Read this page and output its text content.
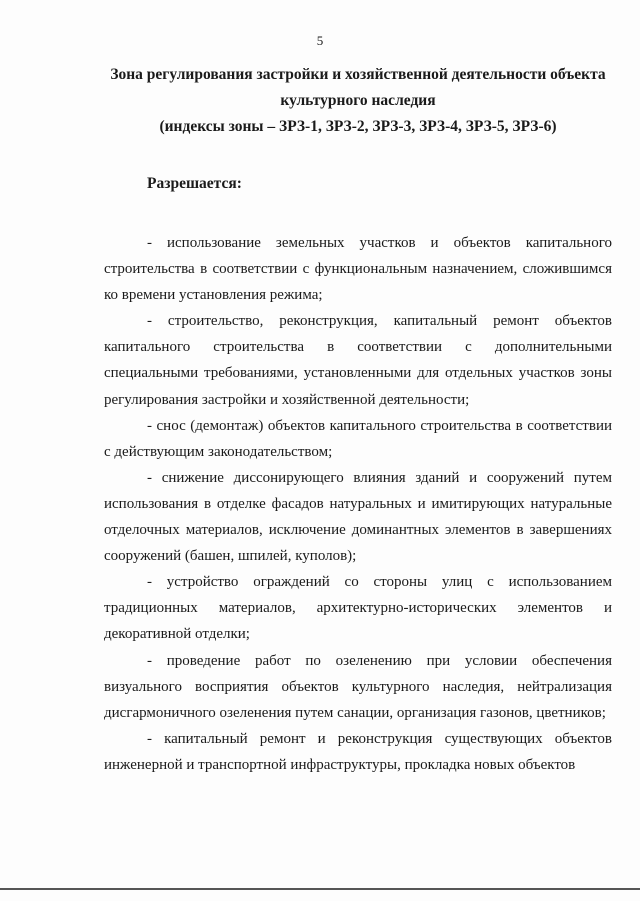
5
Зона регулирования застройки и хозяйственной деятельности объекта культурного наследия
(индексы зоны – ЗРЗ-1, ЗРЗ-2, ЗРЗ-3, ЗРЗ-4, ЗРЗ-5, ЗРЗ-6)
Разрешается:

- использование земельных участков и объектов капитального строительства в соответствии с функциональным назначением, сложившимся ко времени установления режима;

- строительство, реконструкция, капитальный ремонт объектов капитального строительства в соответствии с дополнительными специальными требованиями, установленными для отдельных участков зоны регулирования застройки и хозяйственной деятельности;

- снос (демонтаж) объектов капитального строительства в соответствии с действующим законодательством;

- снижение диссонирующего влияния зданий и сооружений путем использования в отделке фасадов натуральных и имитирующих натуральные отделочных материалов, исключение доминантных элементов в завершениях сооружений (башен, шпилей, куполов);

- устройство ограждений со стороны улиц с использованием традиционных материалов, архитектурно-исторических элементов и декоративной отделки;

- проведение работ по озеленению при условии обеспечения визуального восприятия объектов культурного наследия, нейтрализация дисгармоничного озеленения путем санации, организация газонов, цветников;

- капитальный ремонт и реконструкция существующих объектов инженерной и транспортной инфраструктуры, прокладка новых объектов
